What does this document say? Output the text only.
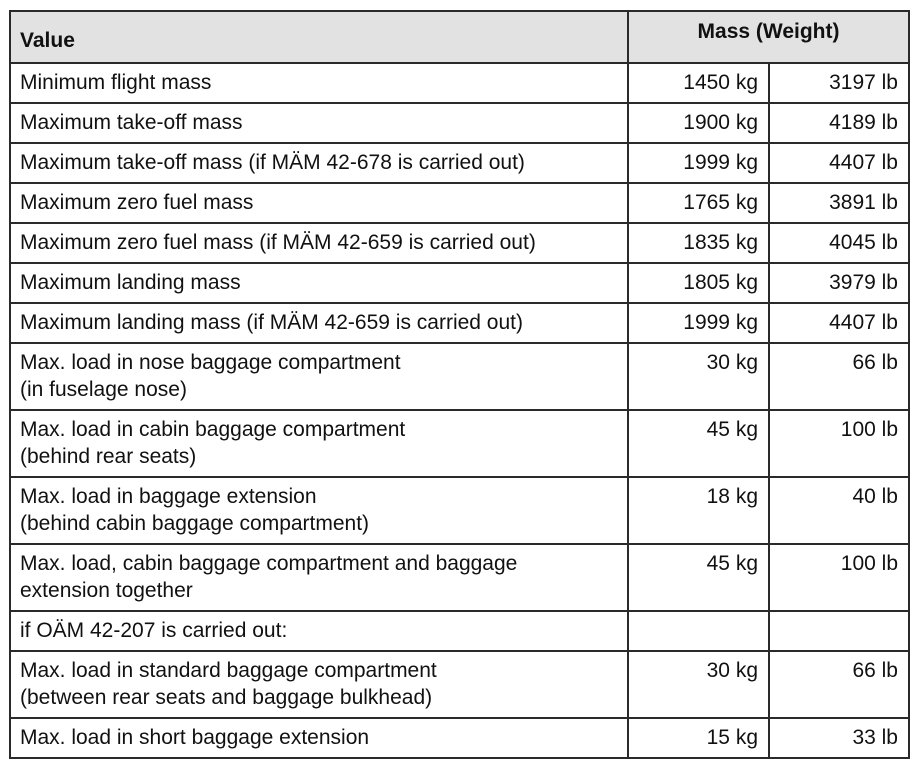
Value	Mass (Weight)	

Minimum flight mass	1450 kg	3197 lb

Maximum take-off mass	1900 kg	4189 lb

Maximum take-off mass (if MÄM 42-678 is carried out)	1999 kg	4407 lb

Maximum zero fuel mass	1765 kg	3891 lb

Maximum zero fuel mass (if MÄM 42-659 is carried out)	1835 kg	4045 lb

Maximum landing mass	1805 kg	3979 lb

Maximum landing mass (if MÄM 42-659 is carried out)	1999 kg	4407 lb

Max. load in nose baggage compartment
(in fuselage nose)	30 kg	66 lb

Max. load in cabin baggage compartment
(behind rear seats)	45 kg	100 lb

Max. load in baggage extension
(behind cabin baggage compartment)	18 kg	40 lb

Max. load, cabin baggage compartment and baggage
extension together	45 kg	100 lb

if OÄM 42-207 is carried out:		

Max. load in standard baggage compartment
(between rear seats and baggage bulkhead)	30 kg	66 lb

Max. load in short baggage extension	15 kg	33 lb
